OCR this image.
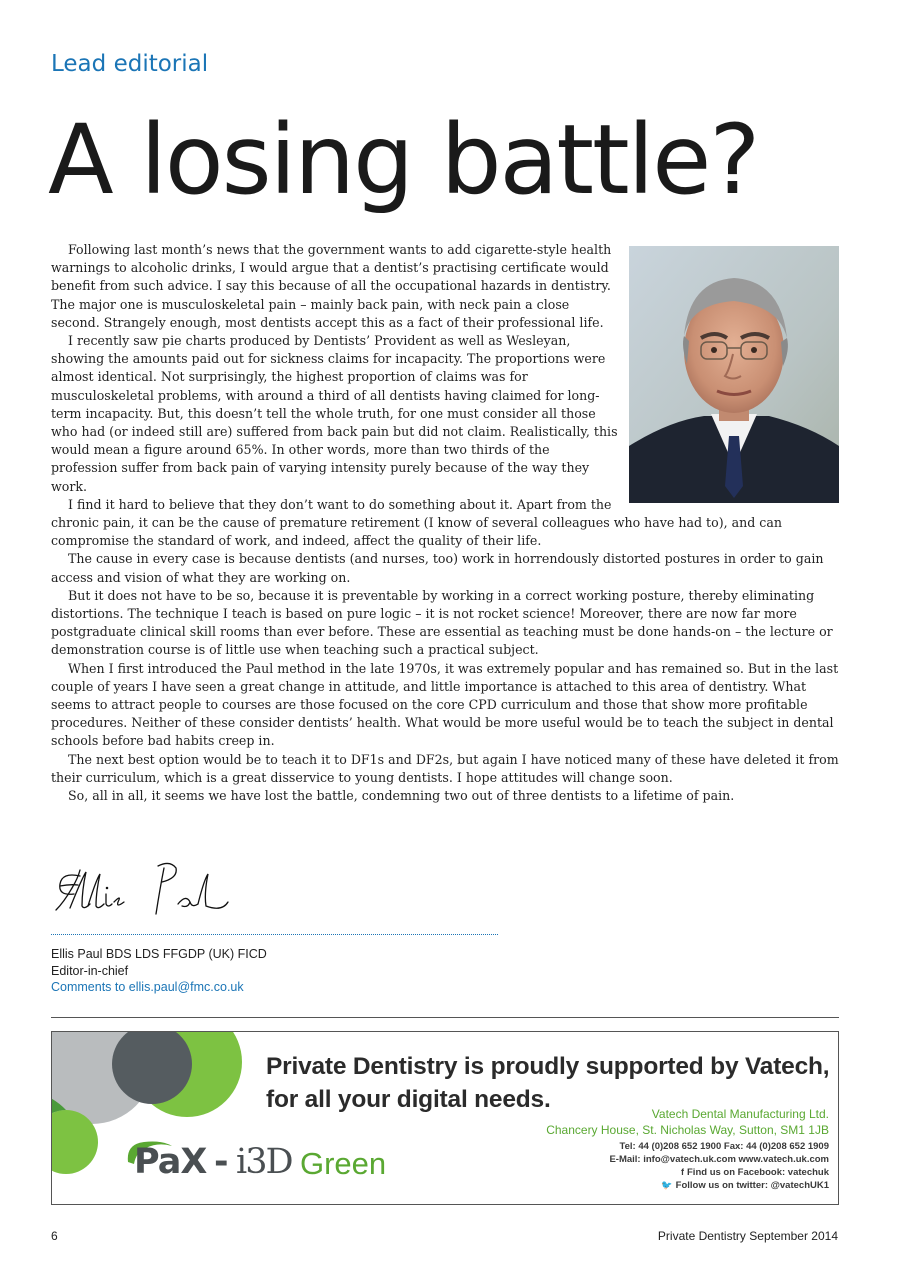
Lead editorial
A losing battle?

Following last month’s news that the government wants to add cigarette-style health warnings to alcoholic drinks, I would argue that a dentist’s practising certificate would benefit from such advice. I say this because of all the occupational hazards in dentistry. The major one is musculoskeletal pain – mainly back pain, with neck pain a close second. Strangely enough, most dentists accept this as a fact of their professional life.

I recently saw pie charts produced by Dentists’ Provident as well as Wesleyan, showing the amounts paid out for sickness claims for incapacity. The proportions were almost identical. Not surprisingly, the highest proportion of claims was for musculoskeletal problems, with around a third of all dentists having claimed for long-term incapacity. But, this doesn’t tell the whole truth, for one must consider all those who had (or indeed still are) suffered from back pain but did not claim. Realistically, this would mean a figure around 65%. In other words, more than two thirds of the profession suffer from back pain of varying intensity purely because of the way they work.

I find it hard to believe that they don’t want to do something about it. Apart from the chronic pain, it can be the cause of premature retirement (I know of several colleagues who have had to), and can compromise the standard of work, and indeed, affect the quality of their life.

The cause in every case is because dentists (and nurses, too) work in horrendously distorted postures in order to gain access and vision of what they are working on.

But it does not have to be so, because it is preventable by working in a correct working posture, thereby eliminating distortions. The technique I teach is based on pure logic – it is not rocket science! Moreover, there are now far more postgraduate clinical skill rooms than ever before. These are essential as teaching must be done hands-on – the lecture or demonstration course is of little use when teaching such a practical subject.

When I first introduced the Paul method in the late 1970s, it was extremely popular and has remained so. But in the last couple of years I have seen a great change in attitude, and little importance is attached to this area of dentistry. What seems to attract people to courses are those focused on the core CPD curriculum and those that show more profitable procedures. Neither of these consider dentists’ health. What would be more useful would be to teach the subject in dental schools before bad habits creep in.

The next best option would be to teach it to DF1s and DF2s, but again I have noticed many of these have deleted it from their curriculum, which is a great disservice to young dentists. I hope attitudes will change soon.

So, all in all, it seems we have lost the battle, condemning two out of three dentists to a lifetime of pain.

Ellis Paul BDS LDS FFGDP (UK) FICD
Editor-in-chief
Comments to ellis.paul@fmc.co.uk
Private Dentistry is proudly supported by Vatech,
for all your digital needs.
Vatech Dental Manufacturing Ltd.
Chancery House, St. Nicholas Way, Sutton, SM1 1JB
Tel: 44 (0)208 652 1900 Fax: 44 (0)208 652 1909
E-Mail: info@vatech.uk.com www.vatech.uk.com
f Find us on Facebook: vatechuk
🐦 Follow us on twitter: @vatechUK1
PaX - i3D Green
6	Private Dentistry September 2014
